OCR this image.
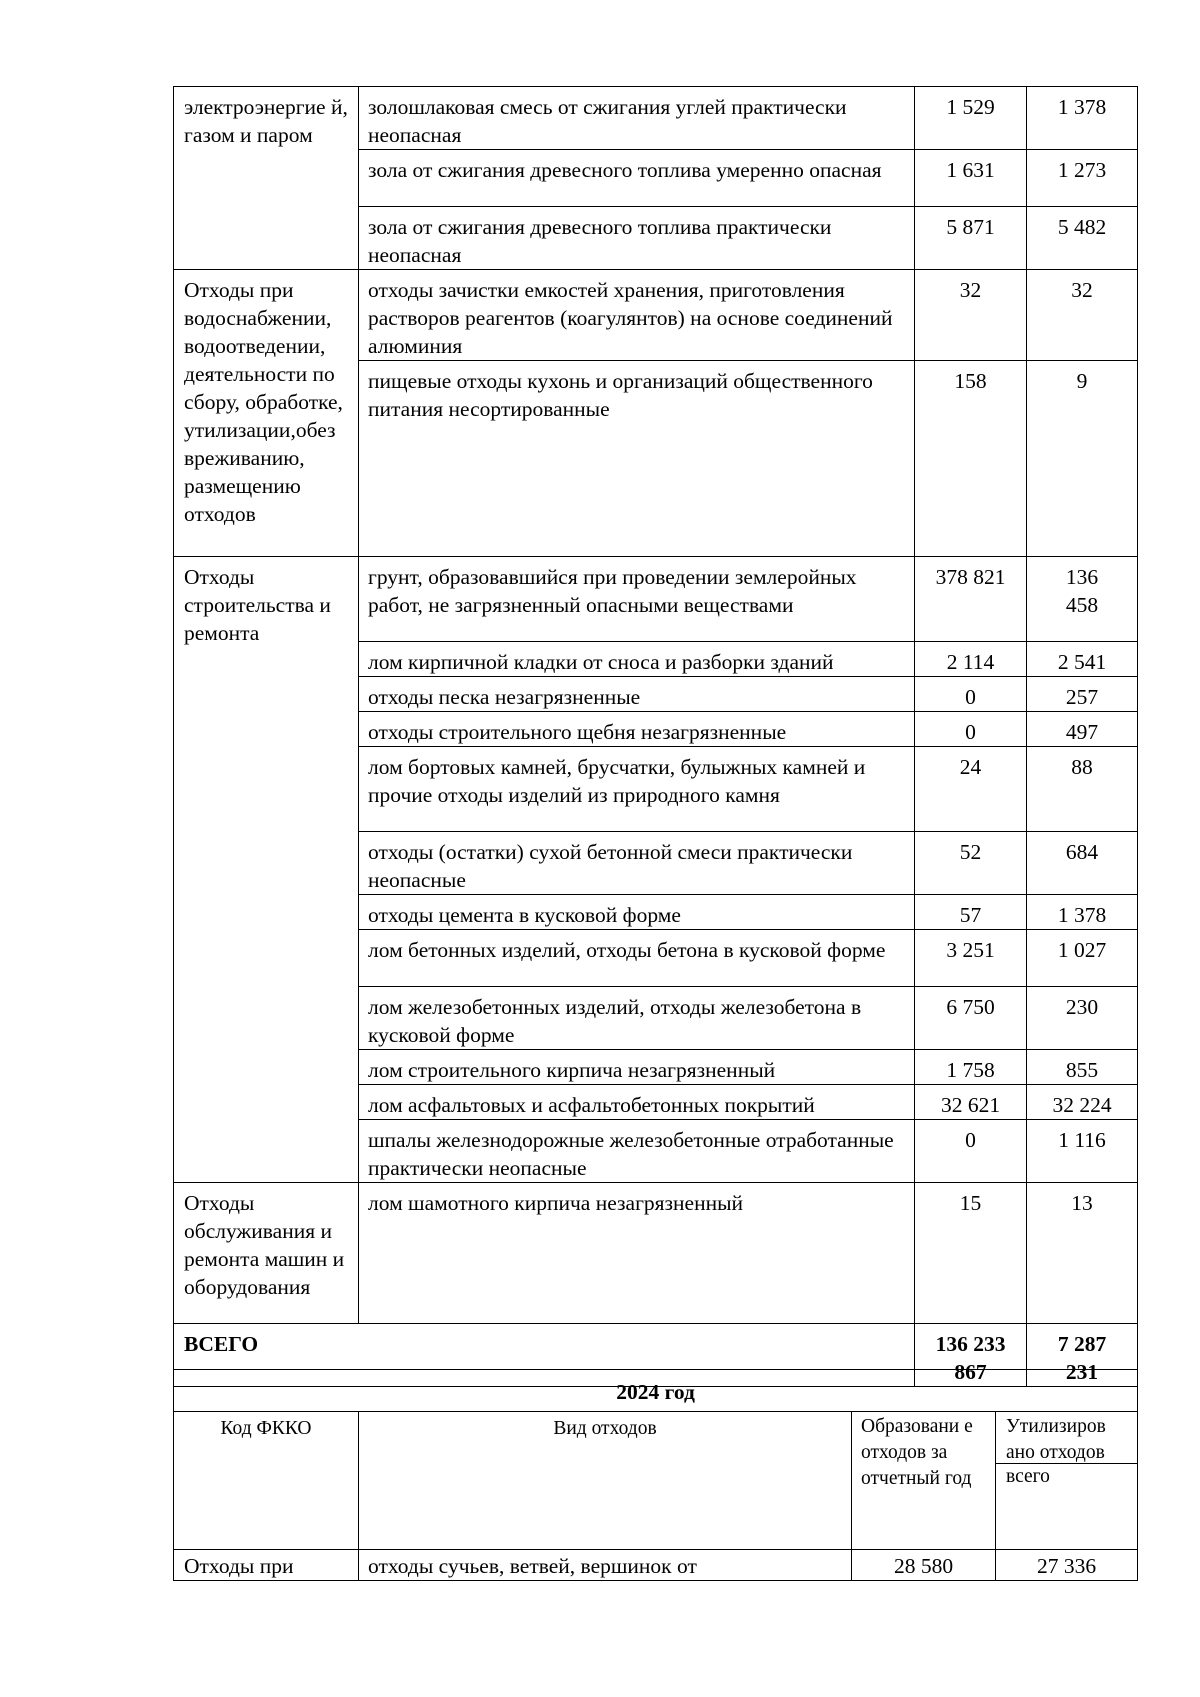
электроэнергие й, газом и паром	золошлаковая смесь от сжигания углей практически неопасная	1 529	1 378
	зола от сжигания древесного топлива умеренно опасная	1 631	1 273
	зола от сжигания древесного топлива практически неопасная	5 871	5 482
Отходы при водоснабжении, водоотведении, деятельности по сбору, обработке, утилизации,обез вреживанию, размещению отходов	отходы зачистки емкостей хранения, приготовления растворов реагентов (коагулянтов) на основе соединений алюминия	32	32
	пищевые отходы кухонь и организаций общественного питания несортированные	158	9
Отходы строительства и ремонта	грунт, образовавшийся при проведении землеройных работ, не загрязненный опасными веществами	378 821	136 458
	лом кирпичной кладки от сноса и разборки зданий	2 114	2 541
	отходы песка незагрязненные	0	257
	отходы строительного щебня незагрязненные	0	497
	лом бортовых камней, брусчатки, булыжных камней и прочие отходы изделий из природного камня	24	88
	отходы (остатки) сухой бетонной смеси практически неопасные	52	684
	отходы цемента в кусковой форме	57	1 378
	лом бетонных изделий, отходы бетона в кусковой форме	3 251	1 027
	лом железобетонных изделий, отходы железобетона в кусковой форме	6 750	230
	лом строительного кирпича незагрязненный	1 758	855
	лом асфальтовых и асфальтобетонных покрытий	32 621	32 224
	шпалы железнодорожные железобетонные отработанные практически неопасные	0	1 116
Отходы обслуживания и ремонта машин и оборудования	лом шамотного кирпича незагрязненный	15	13
ВСЕГО		136 233 867	7 287 231
2024 год			
Код ФККО	Вид отходов	Образовани е отходов за отчетный год	Утилизиров ано отходов
всего

Отходы при	отходы сучьев, ветвей, вершинок от	28 580	27 336
